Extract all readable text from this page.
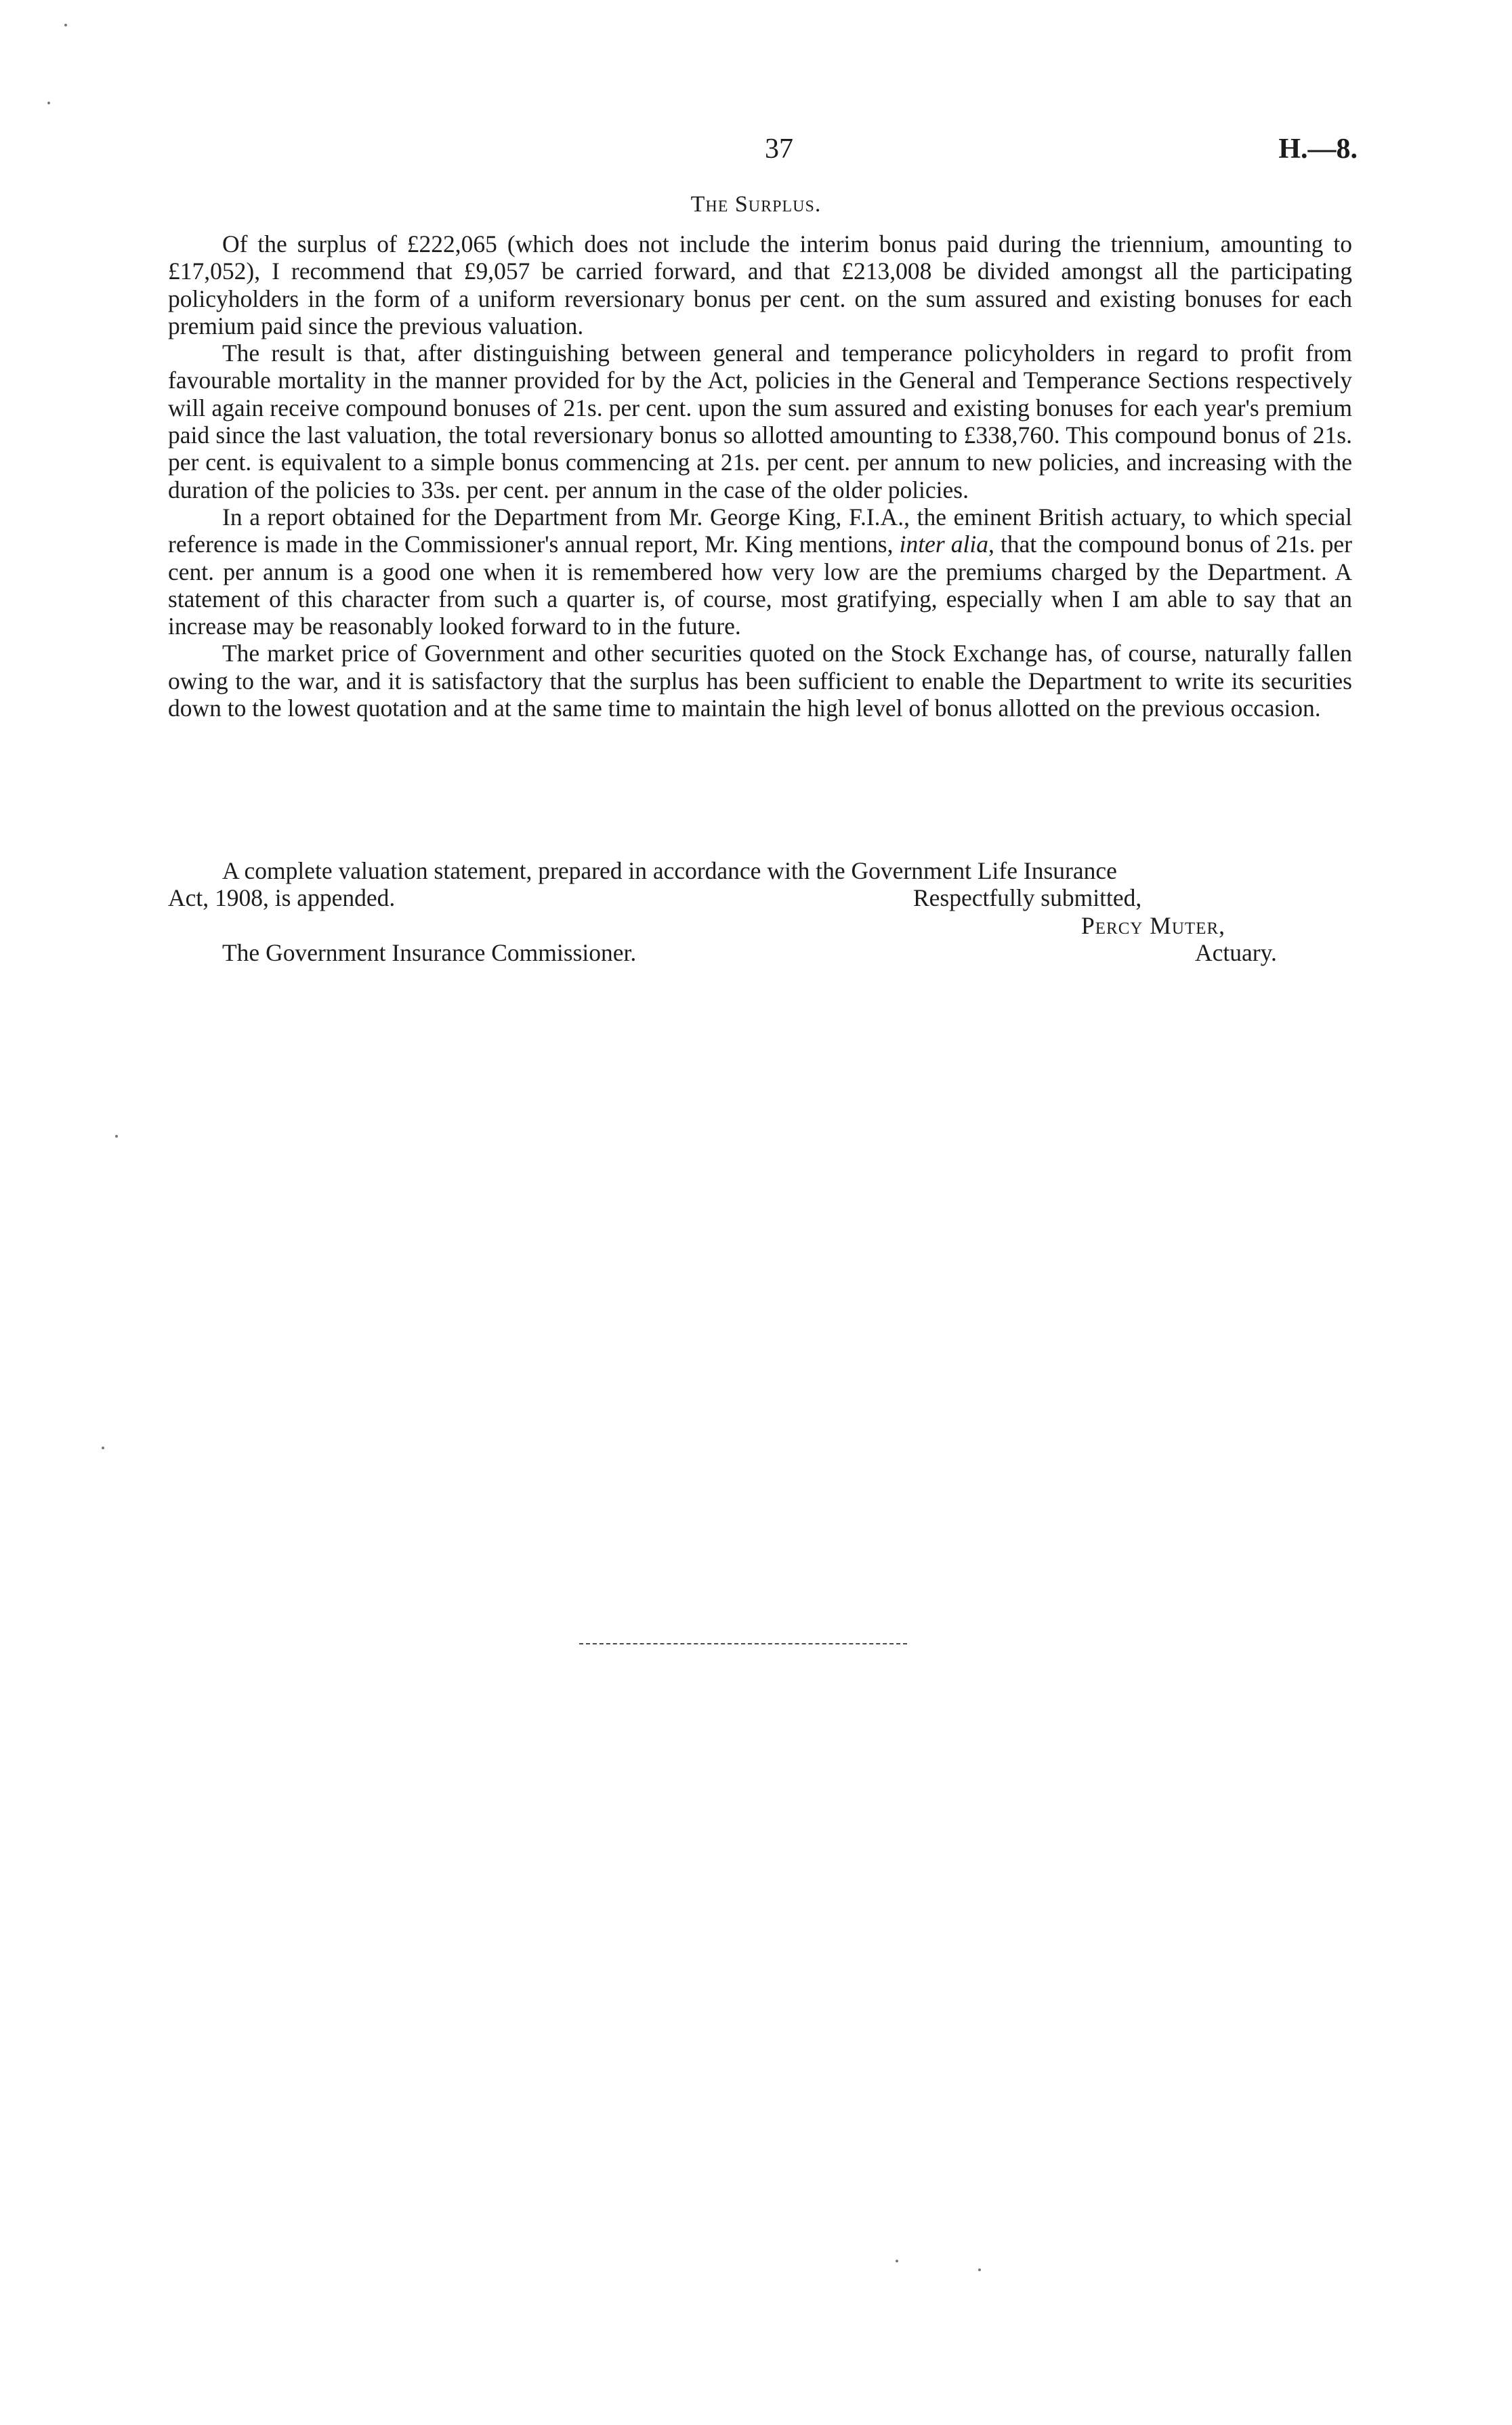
37	H.—8.
The Surplus.

Of the surplus of £222,065 (which does not include the interim bonus paid during the triennium, amounting to £17,052), I recommend that £9,057 be carried forward, and that £213,008 be divided amongst all the participating policyholders in the form of a uniform reversionary bonus per cent. on the sum assured and existing bonuses for each premium paid since the previous valuation.

The result is that, after distinguishing between general and temperance policyholders in regard to profit from favourable mortality in the manner provided for by the Act, policies in the General and Temperance Sections respectively will again receive compound bonuses of 21s. per cent. upon the sum assured and existing bonuses for each year's premium paid since the last valuation, the total reversionary bonus so allotted amounting to £338,760. This compound bonus of 21s. per cent. is equivalent to a simple bonus commencing at 21s. per cent. per annum to new policies, and increasing with the duration of the policies to 33s. per cent. per annum in the case of the older policies.

In a report obtained for the Department from Mr. George King, F.I.A., the eminent British actuary, to which special reference is made in the Commissioner's annual report, Mr. King mentions, inter alia, that the compound bonus of 21s. per cent. per annum is a good one when it is remembered how very low are the premiums charged by the Department. A statement of this character from such a quarter is, of course, most gratifying, especially when I am able to say that an increase may be reasonably looked forward to in the future.

The market price of Government and other securities quoted on the Stock Exchange has, of course, naturally fallen owing to the war, and it is satisfactory that the surplus has been sufficient to enable the Department to write its securities down to the lowest quotation and at the same time to maintain the high level of bonus allotted on the previous occasion.

A complete valuation statement, prepared in accordance with the Government Life Insurance
Act, 1908, is appended.	Respectfully submitted,
Percy Muter,
The Government Insurance Commissioner.	Actuary.
